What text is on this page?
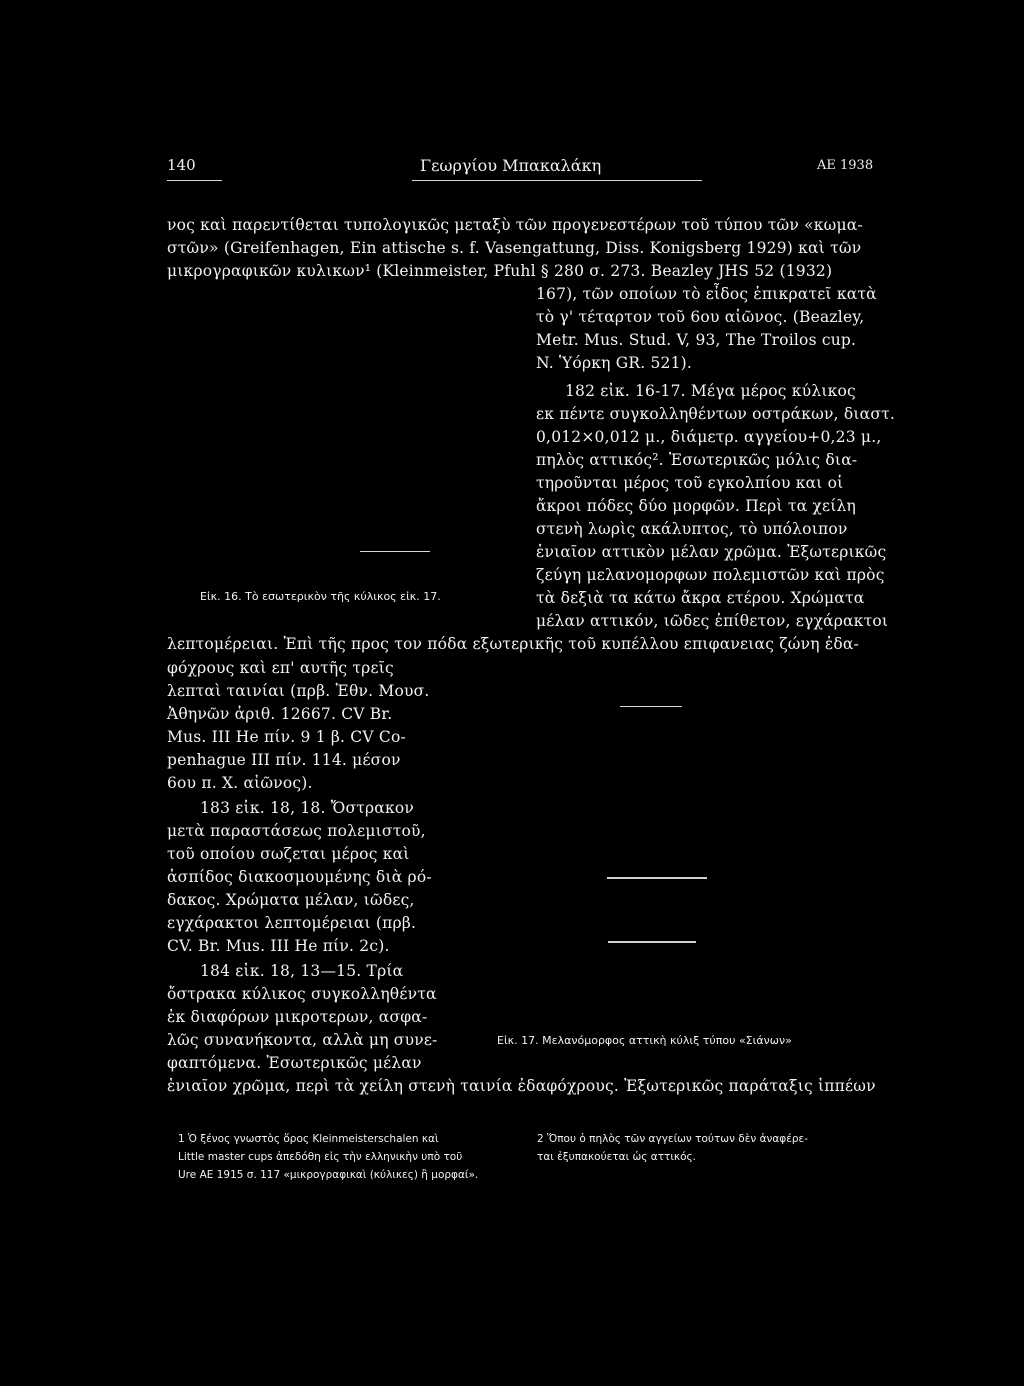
140	Γεωργίου Μπακαλάκη	ΑΕ 1938
νος καὶ παρεντίθεται τυπολογικῶς μεταξὺ τῶν προγενεστέρων τοῦ τύπου τῶν «κωμα-
στῶν» (Greifenhagen, Ein attische s. f. Vasengattung, Diss. Konigsberg 1929) καὶ τῶν
μικρογραφικῶν κυλικων¹ (Kleinmeister, Pfuhl § 280 σ. 273. Beazley JHS 52 (1932)
167), τῶν οποίων τὸ εἶδος ἐπικρατεῖ κατὰ
τὸ γ' τέταρτον τοῦ 6ου αἰῶνος. (Beazley,
Metr. Mus. Stud. V, 93, The Troilos cup.
N. Ὑόρκη GR. 521).
182 εἰκ. 16-17. Μέγα μέρος κύλικος
εκ πέντε συγκολληθέντων οστράκων, διαστ.
0,012×0,012 μ., διάμετρ. αγγείου+0,23 μ.,
πηλὸς αττικός². Ἐσωτερικῶς μόλις δια-
τηροῦνται μέρος τοῦ εγκολπίου και οἱ
ἄκροι πόδες δύο μορφῶν. Περὶ τα χείλη
στενὴ λωρὶς ακάλυπτος, τὸ υπόλοιπον
ἑνιαῖον αττικὸν μέλαν χρῶμα. Ἐξωτερικῶς
ζεύγη μελανομορφων πολεμιστῶν καὶ πρὸς
τὰ δεξιὰ τα κάτω ἄκρα ετέρου. Χρώματα
μέλαν αττικόν, ιῶδες ἐπίθετον, εγχάρακτοι
λεπτομέρειαι. Ἐπὶ τῆς προς τον πόδα εξωτερικῆς τοῦ κυπέλλου επιφανειας ζώνη ἐδα-
φόχρους καὶ επ' αυτῆς τρεῖς
λεπταὶ ταινίαι (πρβ. Ἐθν. Μουσ.
Ἀθηνῶν ἀριθ. 12667. CV Br.
Mus. III He πίν. 9 1 β. CV Co-
penhague III πίν. 114. μέσον
6ου π. Χ. αἰῶνος).
183 εἰκ. 18, 18. Ὄστρακον
μετὰ παραστάσεως πολεμιστοῦ,
τοῦ οποίου σωζεται μέρος καὶ
ἀσπίδος διακοσμουμένης διὰ ρό-
δακος. Χρώματα μέλαν, ιῶδες,
εγχάρακτοι λεπτομέρειαι (πρβ.
CV. Br. Mus. III He πίν. 2c).
184 εἰκ. 18, 13—15. Τρία
ὄστρακα κύλικος συγκολληθέντα
ἐκ διαφόρων μικροτερων, ασφα-
λῶς συνανήκοντα, αλλὰ μη συνε-
φαπτόμενα. Ἐσωτερικῶς μέλαν
ἑνιαῖον χρῶμα, περὶ τὰ χείλη στενὴ ταινία ἐδαφόχρους. Ἐξωτερικῶς παράταξις ἱππέων
Εἰκ. 16. Τὸ εσωτερικὸν τῆς κύλικος εἰκ. 17.
Εἰκ. 17. Μελανόμορφος αττικὴ κύλιξ τύπου «Σιάνων»
1 Ὁ ξένος γνωστὸς ὅρος Kleinmeisterschalen καὶ
Little master cups ἀπεδόθη εἰς τὴν ελληνικὴν υπὸ τοῦ
Ure ΑΕ 1915 σ. 117 «μικρογραφικαὶ (κύλικες) ἢ μορφαί».
2 Ὅπου ὁ πηλὸς τῶν αγγείων τούτων δὲν ἀναφέρε-
ται ἐξυπακούεται ὡς αττικός.
